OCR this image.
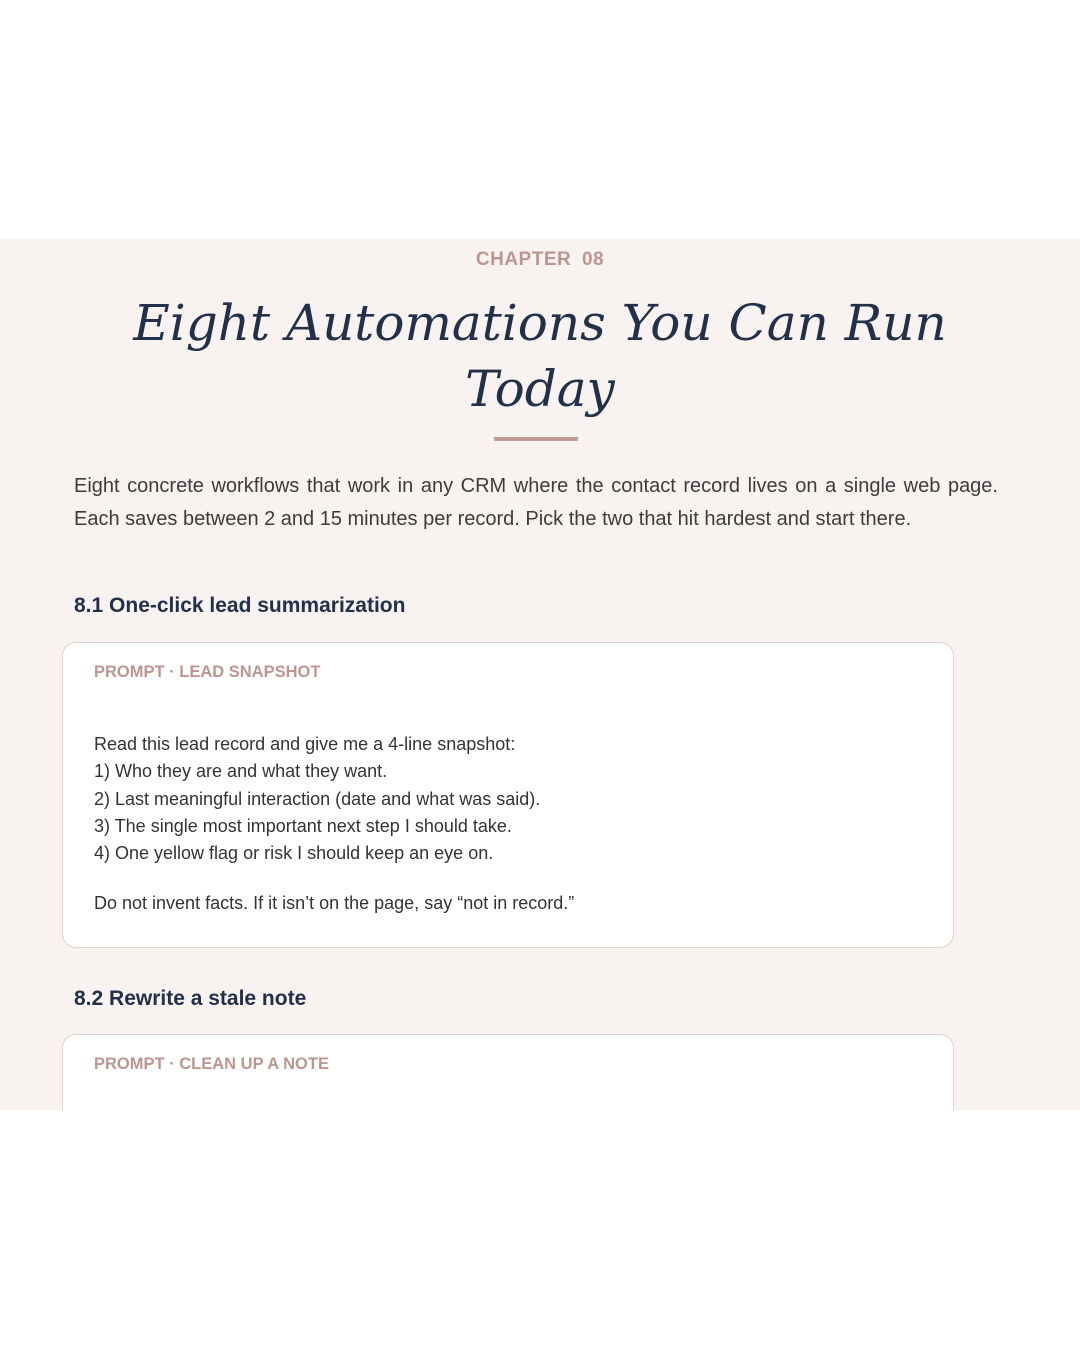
CHAPTER 08
Eight Automations You Can Run Today

Eight concrete workflows that work in any CRM where the contact record lives on a single web page. Each saves between 2 and 15 minutes per record. Pick the two that hit hardest and start there.

8.1 One-click lead summarization
PROMPT · LEAD SNAPSHOT
Read this lead record and give me a 4-line snapshot:
1) Who they are and what they want.
2) Last meaningful interaction (date and what was said).
3) The single most important next step I should take.
4) One yellow flag or risk I should keep an eye on.
Do not invent facts. If it isn’t on the page, say “not in record.”
8.2 Rewrite a stale note
PROMPT · CLEAN UP A NOTE
